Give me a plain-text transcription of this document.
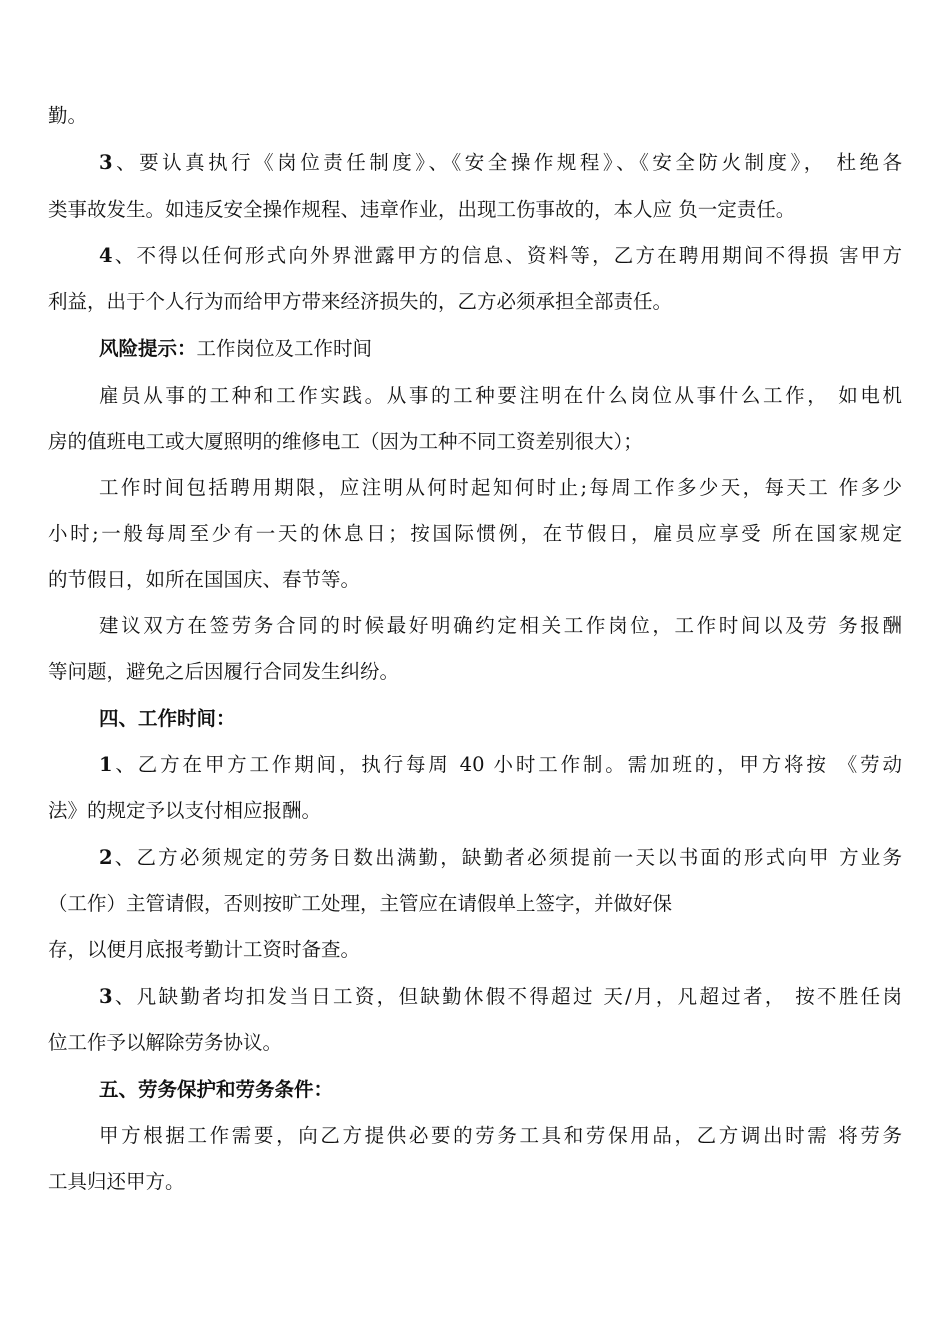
勤。
3、要认真执行《岗位责任制度》、《安全操作规程》、《安全防火制度》， 杜绝各
类事故发生。如违反安全操作规程、违章作业，出现工伤事故的，本人应 负一定责任。
4、不得以任何形式向外界泄露甲方的信息、资料等，乙方在聘用期间不得损 害甲方
利益，出于个人行为而给甲方带来经济损失的，乙方必须承担全部责任。
风险提示：工作岗位及工作时间
雇员从事的工种和工作实践。从事的工种要注明在什么岗位从事什么工作， 如电机
房的值班电工或大厦照明的维修电工（因为工种不同工资差别很大）；
工作时间包括聘用期限，应注明从何时起知何时止;每周工作多少天，每天工 作多少
小时;一般每周至少有一天的休息日；按国际惯例，在节假日，雇员应享受 所在国家规定
的节假日，如所在国国庆、春节等。
建议双方在签劳务合同的时候最好明确约定相关工作岗位，工作时间以及劳 务报酬
等问题，避免之后因履行合同发生纠纷。
四、工作时间：
1、乙方在甲方工作期间，执行每周 40 小时工作制。需加班的，甲方将按 《劳动
法》的规定予以支付相应报酬。
2、乙方必须规定的劳务日数出满勤，缺勤者必须提前一天以书面的形式向甲 方业务
（工作）主管请假，否则按旷工处理，主管应在请假单上签字，并做好保
存，以便月底报考勤计工资时备查。
3、凡缺勤者均扣发当日工资，但缺勤休假不得超过 天/月，凡超过者， 按不胜任岗
位工作予以解除劳务协议。
五、劳务保护和劳务条件：
甲方根据工作需要，向乙方提供必要的劳务工具和劳保用品，乙方调出时需 将劳务
工具归还甲方。
